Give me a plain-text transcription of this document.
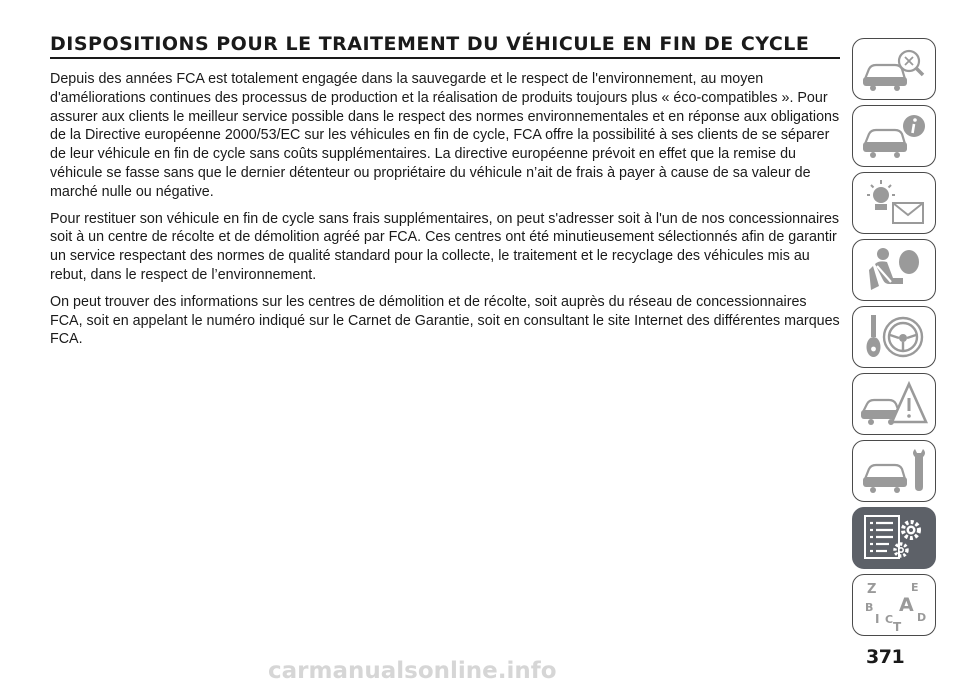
DISPOSITIONS POUR LE TRAITEMENT DU VÉHICULE EN FIN DE CYCLE

Depuis des années FCA est totalement engagée dans la sauvegarde et le respect de l'environnement, au moyen d'améliorations continues des processus de production et la réalisation de produits toujours plus « éco-compatibles ». Pour assurer aux clients le meilleur service possible dans le respect des normes environnementales et en réponse aux obligations de la Directive européenne 2000/53/EC sur les véhicules en fin de cycle, FCA offre la possibilité à ses clients de se séparer de leur véhicule en fin de cycle sans coûts supplémentaires. La directive européenne prévoit en effet que la remise du véhicule se fasse sans que le dernier détenteur ou propriétaire du véhicule n’ait de frais à payer à cause de sa valeur de marché nulle ou négative.

Pour restituer son véhicule en fin de cycle sans frais supplémentaires, on peut s'adresser soit à l'un de nos concessionnaires soit à un centre de récolte et de démolition agréé par FCA. Ces centres ont été minutieusement sélectionnés afin de garantir un service respectant des normes de qualité standard pour la collecte, le traitement et le recyclage des véhicules mis au rebut, dans le respect de l’environnement.

On peut trouver des informations sur les centres de démolition et de récolte, soit auprès du réseau de concessionnaires FCA, soit en appelant le numéro indiqué sur le Carnet de Garantie, soit en consultant le site Internet des différentes marques FCA.

Z	E
B A
I C
T
D
371
carmanualsonline.info
